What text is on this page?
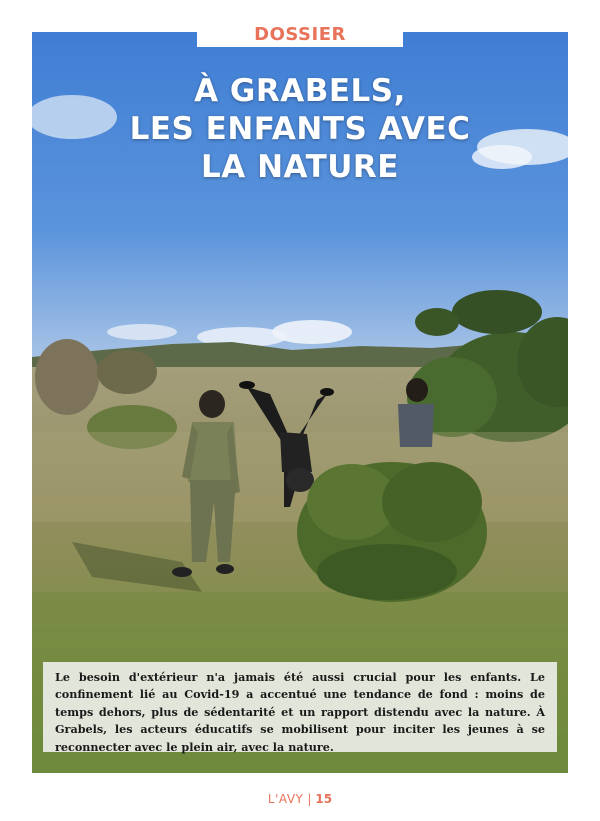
DOSSIER
À GRABELS,
LES ENFANTS AVEC
LA NATURE

Le besoin d'extérieur n'a jamais été aussi crucial pour les enfants. Le confinement lié au Covid-19 a accentué une tendance de fond : moins de temps dehors, plus de sédentarité et un rapport distendu avec la nature. À Grabels, les acteurs éducatifs se mobilisent pour inciter les jeunes à se reconnecter avec le plein air, avec la nature.

L'AVY | 15
